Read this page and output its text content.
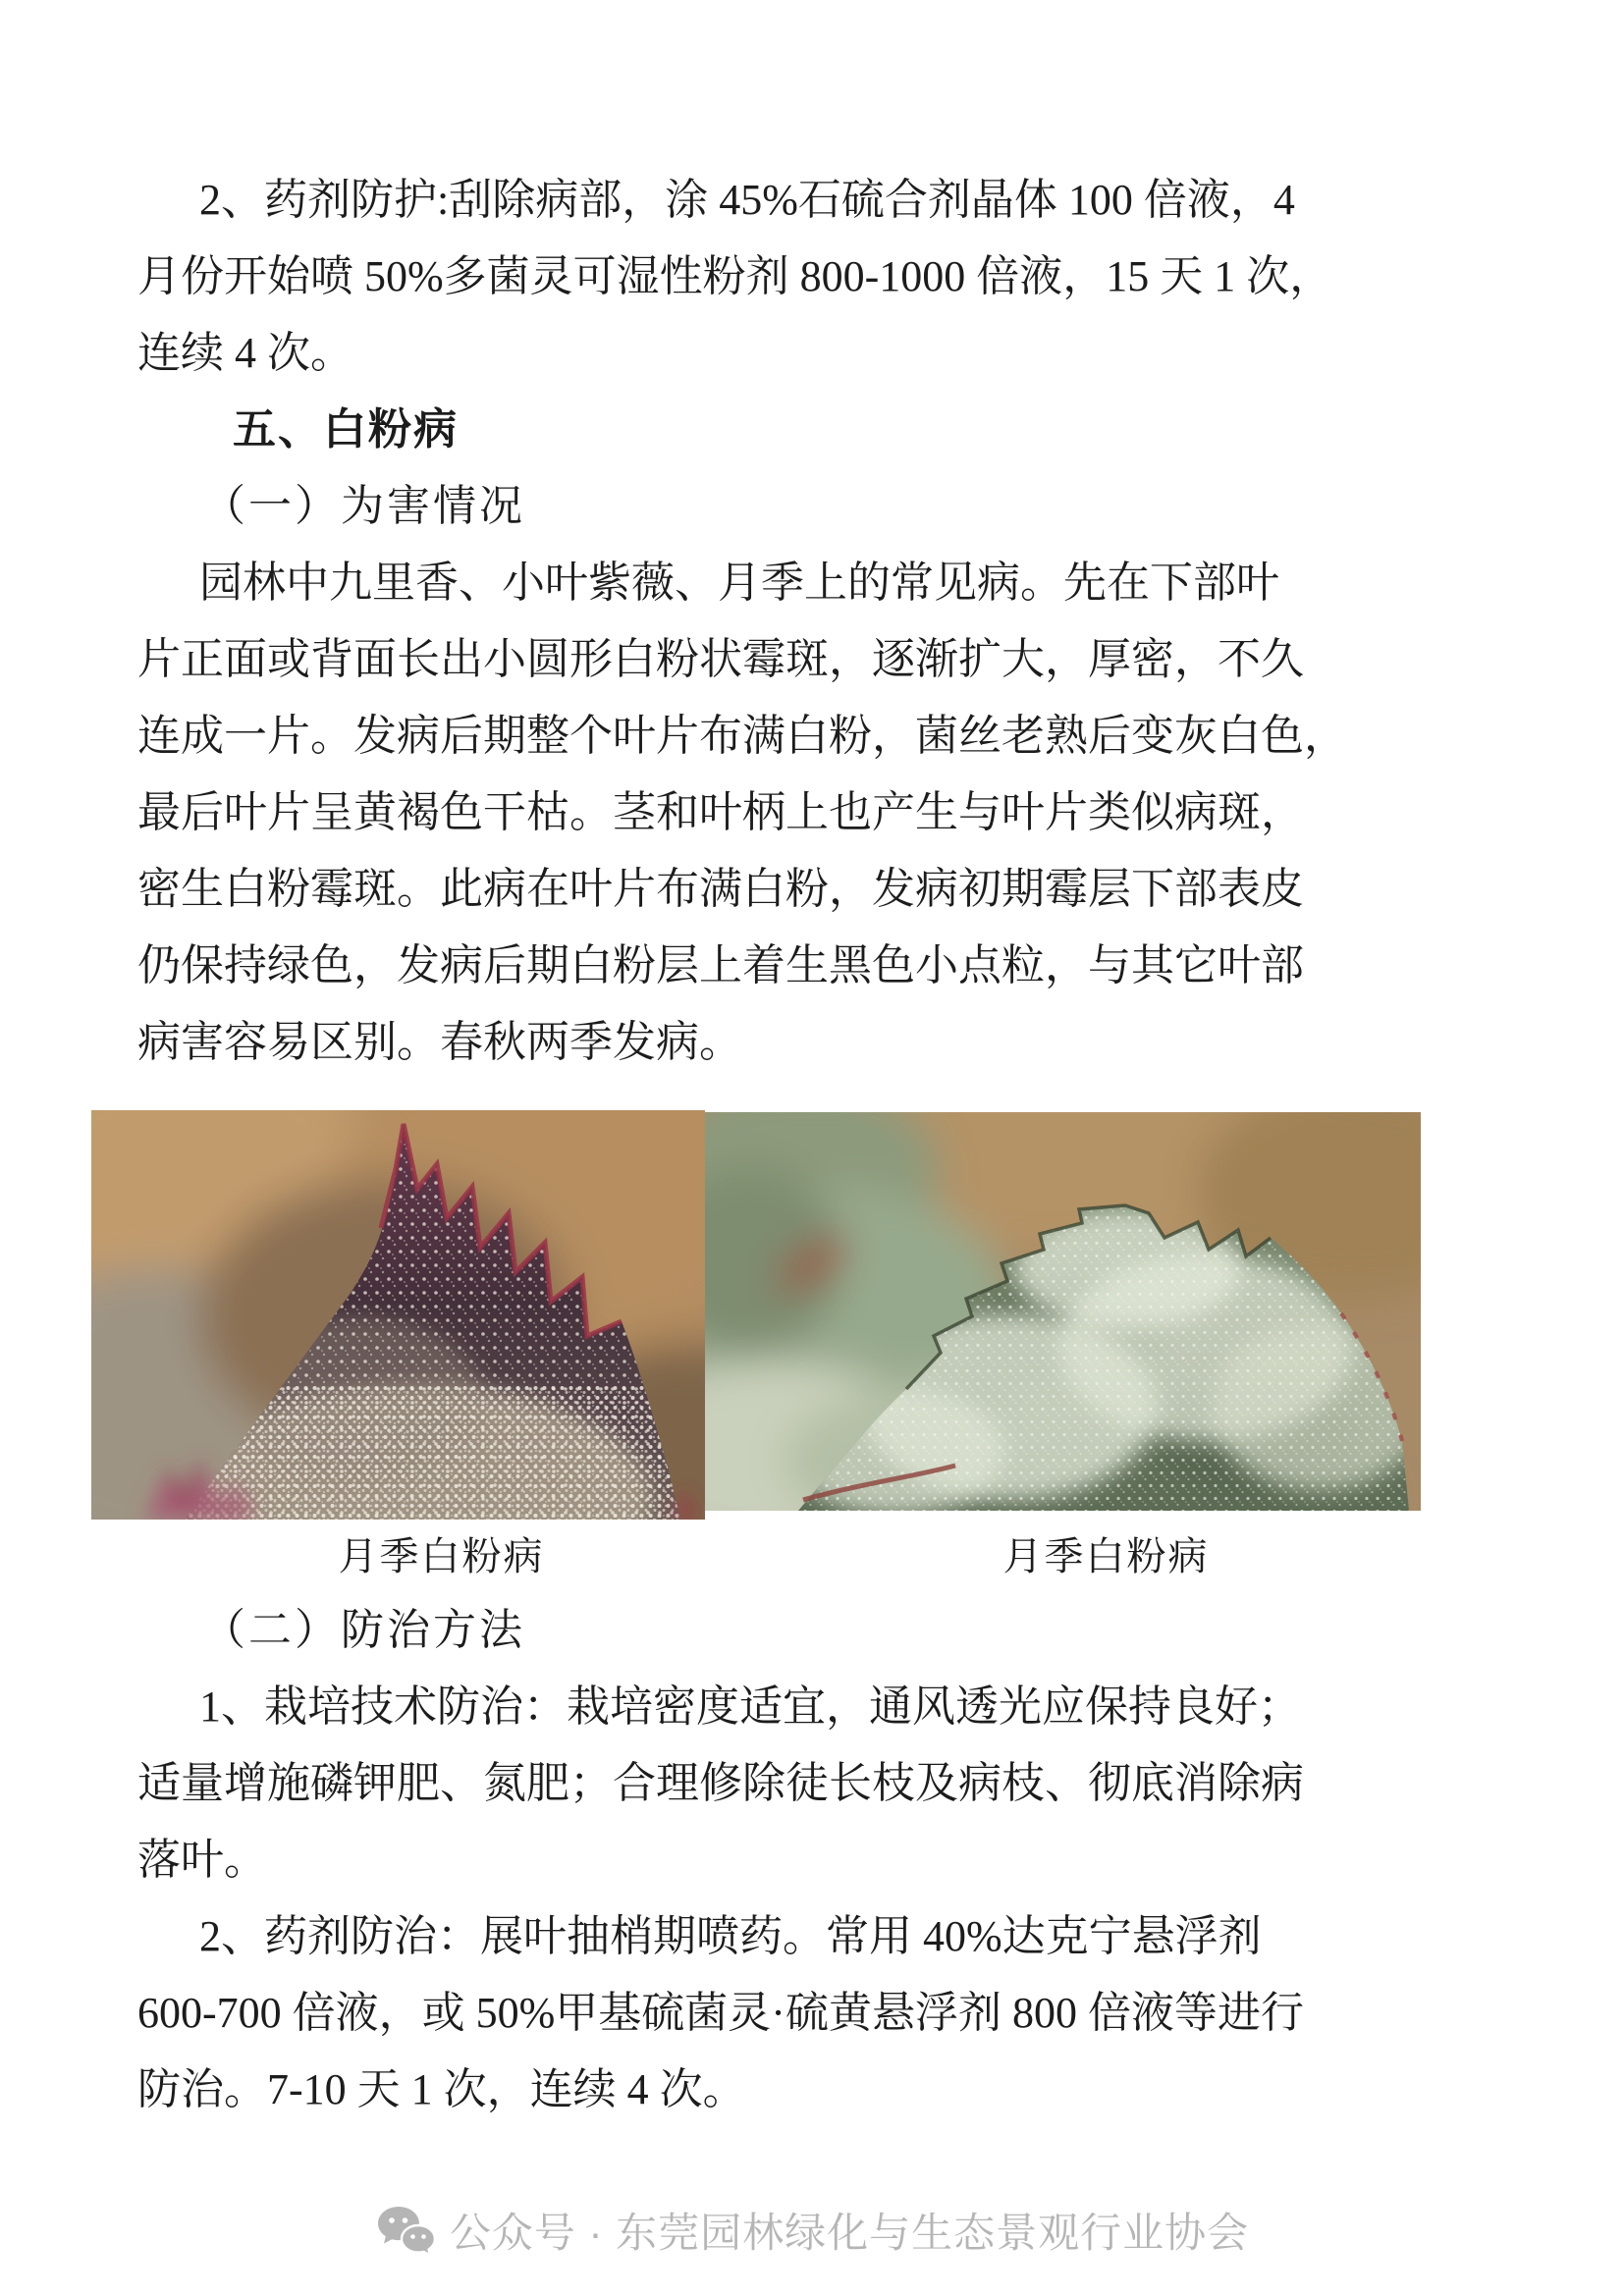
2、药剂防护:刮除病部，涂 45%石硫合剂晶体 100 倍液，4
月份开始喷 50%多菌灵可湿性粉剂 800-1000 倍液，15 天 1 次，
连续 4 次。
五、白粉病
（一）为害情况
园林中九里香、小叶紫薇、月季上的常见病。先在下部叶
片正面或背面长出小圆形白粉状霉斑，逐渐扩大，厚密，不久
连成一片。发病后期整个叶片布满白粉，菌丝老熟后变灰白色，
最后叶片呈黄褐色干枯。茎和叶柄上也产生与叶片类似病斑，
密生白粉霉斑。此病在叶片布满白粉，发病初期霉层下部表皮
仍保持绿色，发病后期白粉层上着生黑色小点粒，与其它叶部
病害容易区别。春秋两季发病。
月季白粉病	月季白粉病
（二）防治方法
1、栽培技术防治：栽培密度适宜，通风透光应保持良好；
适量增施磷钾肥、氮肥；合理修除徒长枝及病枝、彻底消除病
落叶。
2、药剂防治：展叶抽梢期喷药。常用 40%达克宁悬浮剂
600-700 倍液，或 50%甲基硫菌灵·硫黄悬浮剂 800 倍液等进行
防治。7-10 天 1 次，连续 4 次。
公众号 · 东莞园林绿化与生态景观行业协会
